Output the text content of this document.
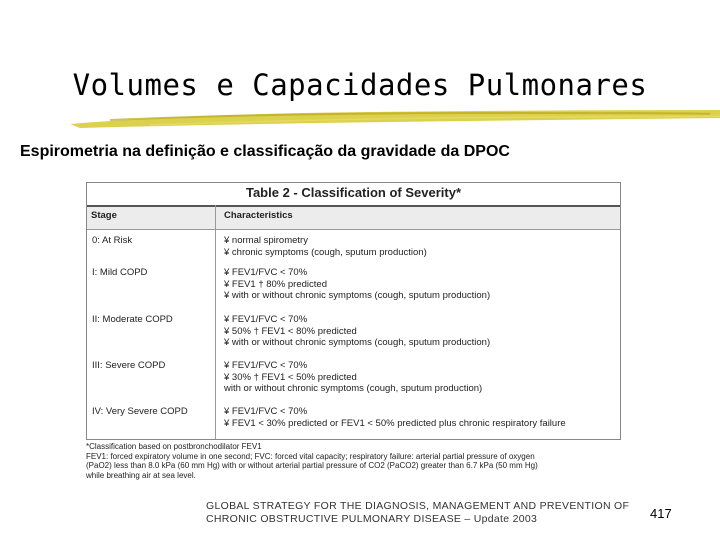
Volumes e Capacidades Pulmonares
Espirometria na definição e classificação da gravidade da DPOC
Table 2 - Classification of Severity*
Stage	Characteristics
0: At Risk	¥ normal spirometry
¥ chronic symptoms (cough, sputum production)
I: Mild COPD	¥ FEV1/FVC < 70%
¥ FEV1 † 80% predicted
¥ with or without chronic symptoms (cough, sputum production)
II: Moderate COPD	¥ FEV1/FVC < 70%
¥ 50% † FEV1 < 80% predicted
¥ with or without chronic symptoms (cough, sputum production)
III: Severe COPD	¥ FEV1/FVC < 70%
¥ 30% † FEV1 < 50% predicted
with or without chronic symptoms (cough, sputum production)
IV: Very Severe COPD	¥ FEV1/FVC < 70%
¥ FEV1 < 30% predicted or FEV1 < 50% predicted plus chronic respiratory failure
*Classification based on postbronchodilator FEV1
FEV1: forced expiratory volume in one second; FVC: forced vital capacity; respiratory failure: arterial partial pressure of oxygen
(PaO2) less than 8.0 kPa (60 mm Hg) with or without arterial partial pressure of CO2 (PaCO2) greater than 6.7 kPa (50 mm Hg)
while breathing air at sea level.
GLOBAL STRATEGY FOR THE DIAGNOSIS, MANAGEMENT AND PREVENTION OF
CHRONIC OBSTRUCTIVE PULMONARY DISEASE – Update 2003	417
